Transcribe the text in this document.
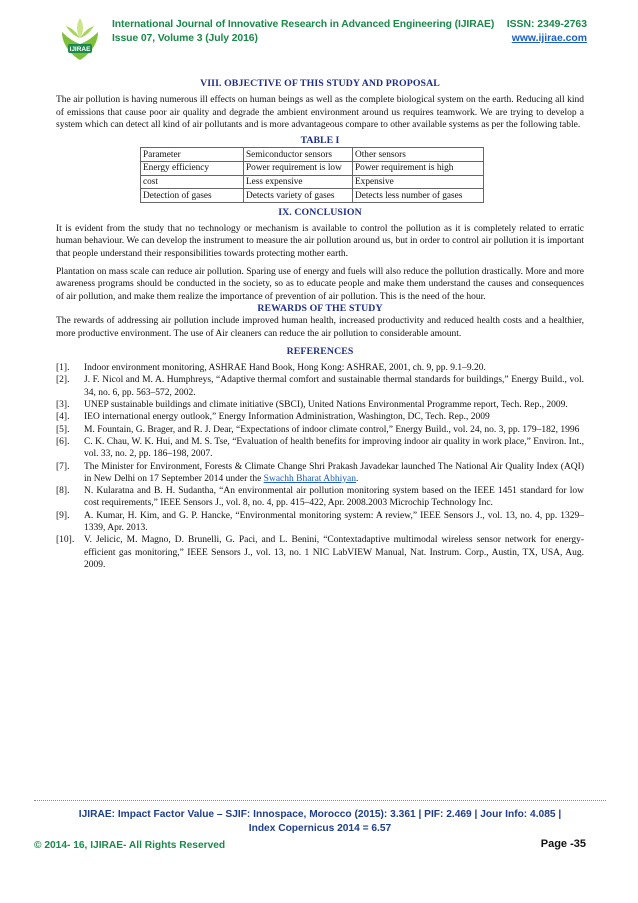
IJIRAE
International Journal of Innovative Research in Advanced Engineering (IJIRAE)
Issue 07, Volume 3 (July 2016)
ISSN: 2349-2763
www.ijirae.com
VIII. OBJECTIVE OF THIS STUDY AND PROPOSAL

The air pollution is having numerous ill effects on human beings as well as the complete biological system on the earth. Reducing all kind of emissions that cause poor air quality and degrade the ambient environment around us requires teamwork. We are trying to develop a system which can detect all kind of air pollutants and is more advantageous compare to other available systems as per the following table.

TABLE I
Parameter	Semiconductor sensors	Other sensors
Energy efficiency	Power requirement is low	Power requirement is high
cost	Less expensive	Expensive
Detection of gases	Detects variety of gases	Detects less number of gases
IX. CONCLUSION

It is evident from the study that no technology or mechanism is available to control the pollution as it is completely related to erratic human behaviour. We can develop the instrument to measure the air pollution around us, but in order to control air pollution it is important that people understand their responsibilities towards protecting mother earth.

Plantation on mass scale can reduce air pollution. Sparing use of energy and fuels will also reduce the pollution drastically. More and more awareness programs should be conducted in the society, so as to educate people and make them understand the causes and consequences of air pollution, and make them realize the importance of prevention of air pollution. This is the need of the hour.

REWARDS OF THE STUDY

The rewards of addressing air pollution include improved human health, increased productivity and reduced health costs and a healthier, more productive environment. The use of Air cleaners can reduce the air pollution to considerable amount.

REFERENCES
[1].	Indoor environment monitoring, ASHRAE Hand Book, Hong Kong: ASHRAE, 2001, ch. 9, pp. 9.1–9.20.
[2].	J. F. Nicol and M. A. Humphreys, “Adaptive thermal comfort and sustainable thermal standards for buildings,” Energy Build., vol. 34, no. 6, pp. 563–572, 2002.
[3].	UNEP sustainable buildings and climate initiative (SBCI), United Nations Environmental Programme report, Tech. Rep., 2009.
[4].	IEO international energy outlook,” Energy Information Administration, Washington, DC, Tech. Rep., 2009
[5].	M. Fountain, G. Brager, and R. J. Dear, “Expectations of indoor climate control,” Energy Build., vol. 24, no. 3, pp. 179–182, 1996
[6].	C. K. Chau, W. K. Hui, and M. S. Tse, “Evaluation of health benefits for improving indoor air quality in work place,” Environ. Int., vol. 33, no. 2, pp. 186–198, 2007.
[7].	The Minister for Environment, Forests & Climate Change Shri Prakash Javadekar launched The National Air Quality Index (AQI) in New Delhi on 17 September 2014 under the Swachh Bharat Abhiyan.
[8].	N. Kularatna and B. H. Sudantha, “An environmental air pollution monitoring system based on the IEEE 1451 standard for low cost requirements,” IEEE Sensors J., vol. 8, no. 4, pp. 415–422, Apr. 2008.2003 Microchip Technology Inc.
[9].	A. Kumar, H. Kim, and G. P. Hancke, “Environmental monitoring system: A review,” IEEE Sensors J., vol. 13, no. 4, pp. 1329–1339, Apr. 2013.
[10].	V. Jelicic, M. Magno, D. Brunelli, G. Paci, and L. Benini, “Contextadaptive multimodal wireless sensor network for energy-efficient gas monitoring,” IEEE Sensors J., vol. 13, no. 1 NIC LabVIEW Manual, Nat. Instrum. Corp., Austin, TX, USA, Aug. 2009.
IJIRAE: Impact Factor Value – SJIF: Innospace, Morocco (2015): 3.361 | PIF: 2.469 | Jour Info: 4.085 |
Index Copernicus 2014 = 6.57
© 2014- 16, IJIRAE- All Rights Reserved	Page -35
